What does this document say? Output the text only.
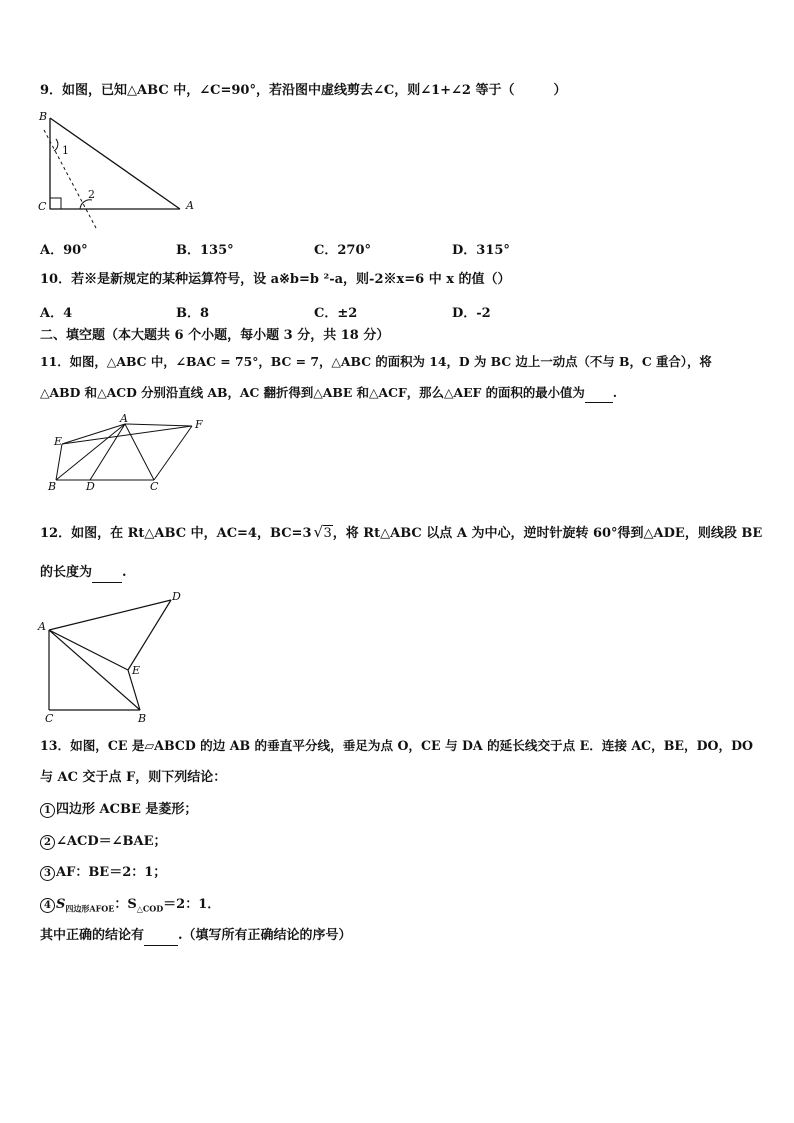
9．如图，已知△ABC 中，∠C=90°，若沿图中虚线剪去∠C，则∠1+∠2 等于（　　　）
B
C	A
1
2
A．90°	B．135°	C．270°	D．315°
10．若※是新规定的某种运算符号，设 a※b=b ²-a，则-2※x=6 中 x 的值（）
A．4	B．8	C．±2	D．-2
二、填空题（本大题共 6 个小题，每小题 3 分，共 18 分）
11．如图，△ABC 中，∠BAC = 75°，BC = 7，△ABC 的面积为 14，D 为 BC 边上一动点（不与 B，C 重合），将
△ABD 和△ACD 分别沿直线 AB，AC 翻折得到△ABE 和△ACF，那么△AEF 的面积的最小值为 .
A
E
F
B	D	C
12．如图，在 Rt△ABC 中，AC=4，BC=3 √ 3，将 Rt△ABC 以点 A 为中心，逆时针旋转 60°得到△ADE，则线段 BE
的长度为 .
A
D
E
C	B
13．如图，CE 是▱ABCD 的边 AB 的垂直平分线，垂足为点 O，CE 与 DA 的延长线交于点 E．连接 AC，BE，DO，DO
与 AC 交于点 F，则下列结论：
1 四边形 ACBE 是菱形；
2 ∠ACD＝∠BAE；
3 AF：BE＝2：1；
4 $S_{四边形AFOE}$：$S_{\triangle COD}=2$：1．
其中正确的结论有	.（填写所有正确结论的序号）
